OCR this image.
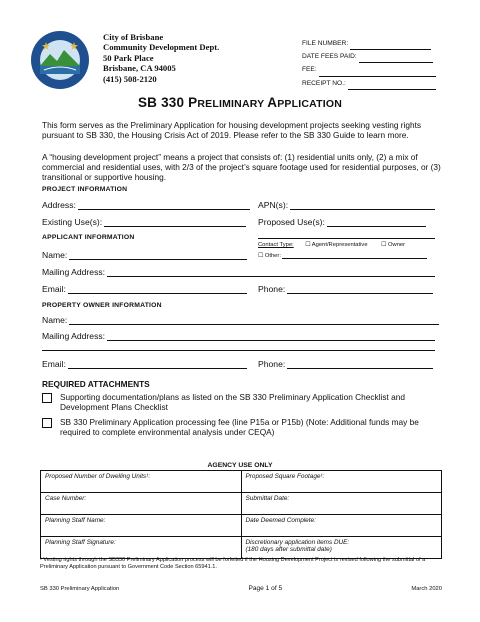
City of Brisbane
Community Development Dept.
50 Park Place
Brisbane, CA 94005
(415) 508-2120
FILE NUMBER:
DATE FEES PAID:
FEE:
RECEIPT NO.:
SB 330 PRELIMINARY APPLICATION
This form serves as the Preliminary Application for housing development projects seeking vesting rights pursuant to SB 330, the Housing Crisis Act of 2019. Please refer to the SB 330 Guide to learn more.
A “housing development project” means a project that consists of: (1) residential units only, (2) a mix of commercial and residential uses, with 2/3 of the project’s square footage used for residential purposes, or (3) transitional or supportive housing.
PROJECT INFORMATION
Address:	APN(s):
Existing Use(s):	Proposed Use(s):
APPLICANT INFORMATION
Name:
Contact Type: ☐ Agent/Representative ☐ Owner
☐
Other:
Mailing Address:
Email:	Phone:
PROPERTY OWNER INFORMATION
Name:
Mailing Address:
Email:	Phone:
REQUIRED ATTACHMENTS
Supporting documentation/plans as listed on the SB 330 Preliminary Application Checklist and Development Plans Checklist
SB 330 Preliminary Application processing fee (line P15a or P15b) (Note: Additional funds may be required to complete environmental analysis under CEQA)
AGENCY USE ONLY
Proposed Number of Dwelling Units¹:	Proposed Square Footage¹:
Case Number:	Submittal Date:
Planning Staff Name:	Date Deemed Complete:
Planning Staff Signature:	Discretionary application items DUE:
(180 days after submittal date)
¹ Vesting rights through the SB330 Preliminary Application process will be forfeited if the Housing Development Project is revised following the submittal of a Preliminary Application pursuant to Government Code Section 65941.1.
SB 330 Preliminary Application	Page 1 of 5	March 2020
